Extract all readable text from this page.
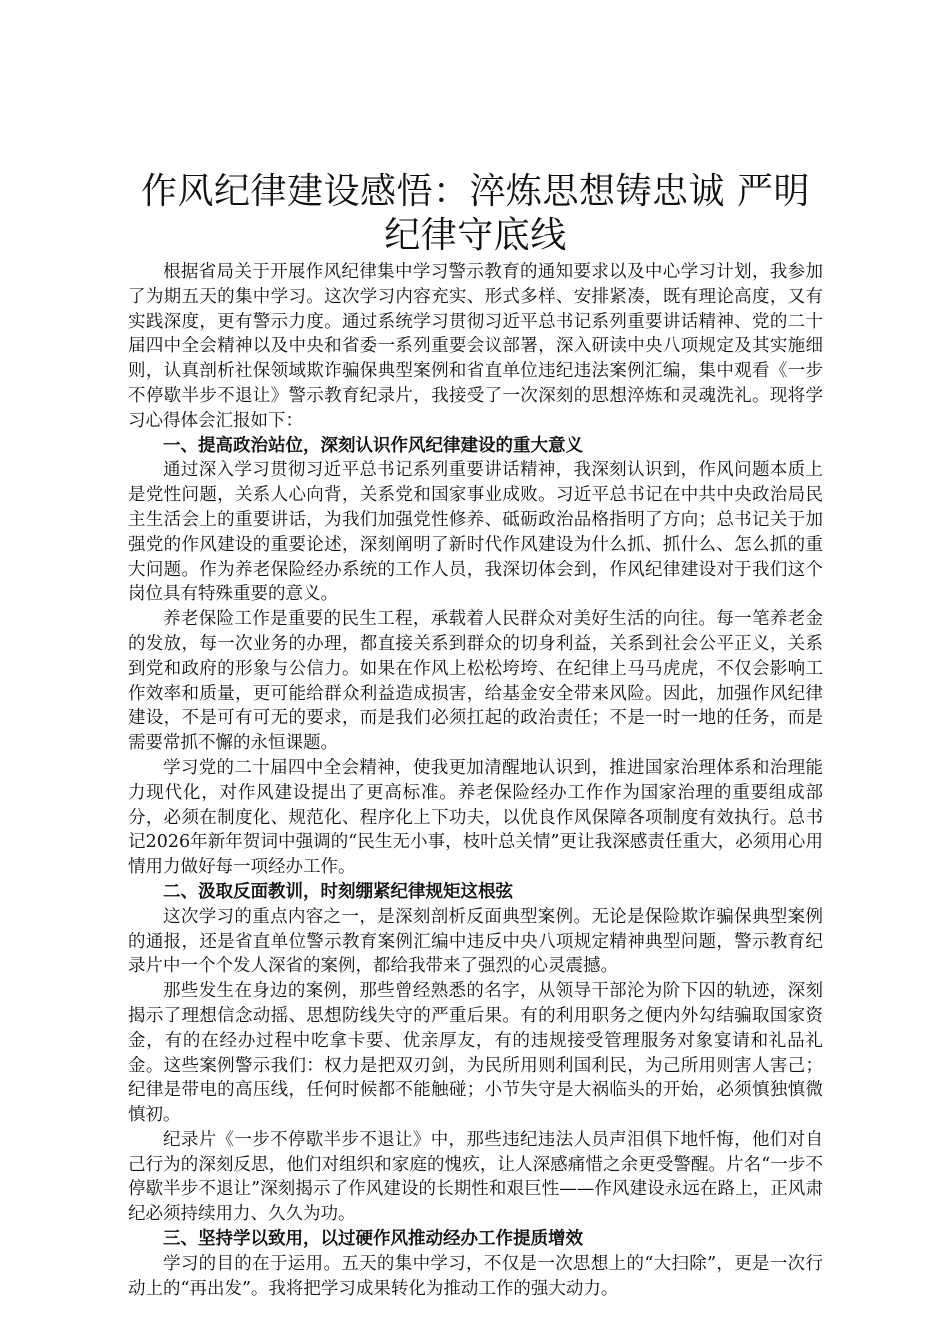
作风纪律建设感悟：淬炼思想铸忠诚 严明纪律守底线

根据省局关于开展作风纪律集中学习警示教育的通知要求以及中心学习计划，我参加了为期五天的集中学习。这次学习内容充实、形式多样、安排紧凑，既有理论高度，又有实践深度，更有警示力度。通过系统学习贯彻习近平总书记系列重要讲话精神、党的二十届四中全会精神以及中央和省委一系列重要会议部署，深入研读中央八项规定及其实施细则，认真剖析社保领域欺诈骗保典型案例和省直单位违纪违法案例汇编，集中观看《一步不停歇半步不退让》警示教育纪录片，我接受了一次深刻的思想淬炼和灵魂洗礼。现将学习心得体会汇报如下：

一、提高政治站位，深刻认识作风纪律建设的重大意义

通过深入学习贯彻习近平总书记系列重要讲话精神，我深刻认识到，作风问题本质上是党性问题，关系人心向背，关系党和国家事业成败。习近平总书记在中共中央政治局民主生活会上的重要讲话，为我们加强党性修养、砥砺政治品格指明了方向；总书记关于加强党的作风建设的重要论述，深刻阐明了新时代作风建设为什么抓、抓什么、怎么抓的重大问题。作为养老保险经办系统的工作人员，我深切体会到，作风纪律建设对于我们这个岗位具有特殊重要的意义。

养老保险工作是重要的民生工程，承载着人民群众对美好生活的向往。每一笔养老金的发放，每一次业务的办理，都直接关系到群众的切身利益，关系到社会公平正义，关系到党和政府的形象与公信力。如果在作风上松松垮垮、在纪律上马马虎虎，不仅会影响工作效率和质量，更可能给群众利益造成损害，给基金安全带来风险。因此，加强作风纪律建设，不是可有可无的要求，而是我们必须扛起的政治责任；不是一时一地的任务，而是需要常抓不懈的永恒课题。

学习党的二十届四中全会精神，使我更加清醒地认识到，推进国家治理体系和治理能力现代化，对作风建设提出了更高标准。养老保险经办工作作为国家治理的重要组成部分，必须在制度化、规范化、程序化上下功夫，以优良作风保障各项制度有效执行。总书记2026年新年贺词中强调的“民生无小事，枝叶总关情”更让我深感责任重大，必须用心用情用力做好每一项经办工作。

二、汲取反面教训，时刻绷紧纪律规矩这根弦

这次学习的重点内容之一，是深刻剖析反面典型案例。无论是保险欺诈骗保典型案例的通报，还是省直单位警示教育案例汇编中违反中央八项规定精神典型问题，警示教育纪录片中一个个发人深省的案例，都给我带来了强烈的心灵震撼。

那些发生在身边的案例，那些曾经熟悉的名字，从领导干部沦为阶下囚的轨迹，深刻揭示了理想信念动摇、思想防线失守的严重后果。有的利用职务之便内外勾结骗取国家资金，有的在经办过程中吃拿卡要、优亲厚友，有的违规接受管理服务对象宴请和礼品礼金。这些案例警示我们：权力是把双刃剑，为民所用则利国利民，为己所用则害人害己；纪律是带电的高压线，任何时候都不能触碰；小节失守是大祸临头的开始，必须慎独慎微慎初。

纪录片《一步不停歇半步不退让》中，那些违纪违法人员声泪俱下地忏悔，他们对自己行为的深刻反思，他们对组织和家庭的愧疚，让人深感痛惜之余更受警醒。片名“一步不停歇半步不退让”深刻揭示了作风建设的长期性和艰巨性——作风建设永远在路上，正风肃纪必须持续用力、久久为功。

三、坚持学以致用，以过硬作风推动经办工作提质增效

学习的目的在于运用。五天的集中学习，不仅是一次思想上的“大扫除”，更是一次行动上的“再出发”。我将把学习成果转化为推动工作的强大动力。
